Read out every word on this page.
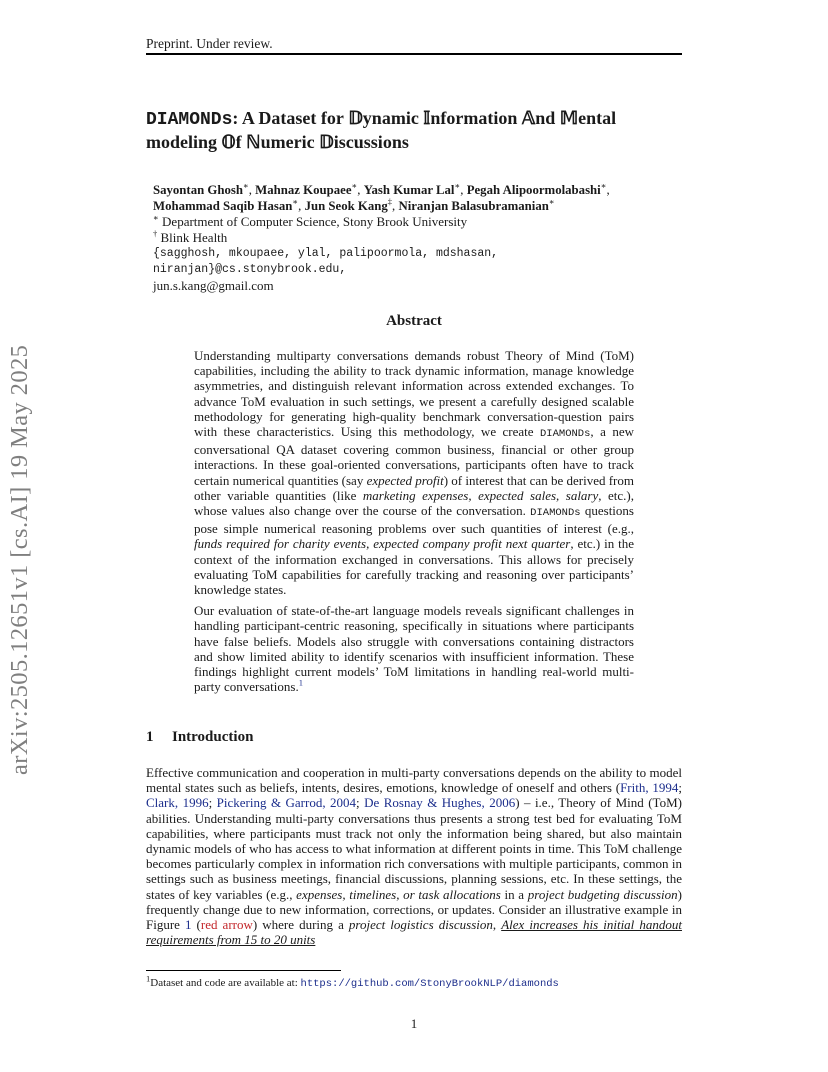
Preprint. Under review.
DIAMONDs: A Dataset for 𝔻ynamic 𝕀nformation 𝔸nd 𝕄ental
modeling 𝕆f ℕumeric 𝔻iscussions
Sayontan Ghosh∗, Mahnaz Koupaee∗, Yash Kumar Lal∗, Pegah Alipoormolabashi∗,
Mohammad Saqib Hasan∗, Jun Seok Kang‡, Niranjan Balasubramanian∗
∗ Department of Computer Science, Stony Brook University
† Blink Health
{sagghosh, mkoupaee, ylal, palipoormola, mdshasan, niranjan}@cs.stonybrook.edu,
jun.s.kang@gmail.com
arXiv:2505.12651v1 [cs.AI] 19 May 2025
Abstract

Understanding multiparty conversations demands robust Theory of Mind (ToM) capabilities, including the ability to track dynamic information, manage knowledge asymmetries, and distinguish relevant information across extended exchanges. To advance ToM evaluation in such settings, we present a carefully designed scalable methodology for generating high-quality benchmark conversation-question pairs with these characteristics. Using this methodology, we create DIAMONDs, a new conversational QA dataset covering common business, financial or other group interactions. In these goal-oriented conversations, participants often have to track certain numerical quantities (say expected profit) of interest that can be derived from other variable quantities (like marketing expenses, expected sales, salary, etc.), whose values also change over the course of the conversation. DIAMONDs questions pose simple numerical reasoning problems over such quantities of interest (e.g., funds required for charity events, expected company profit next quarter, etc.) in the context of the information exchanged in conversations. This allows for precisely evaluating ToM capabilities for carefully tracking and reasoning over participants’ knowledge states.

Our evaluation of state-of-the-art language models reveals significant challenges in handling participant-centric reasoning, specifically in situations where participants have false beliefs. Models also struggle with conversations containing distractors and show limited ability to identify scenarios with insufficient information. These findings highlight current models’ ToM limitations in handling real-world multi-party conversations.$^1$

1 Introduction
Effective communication and cooperation in multi-party conversations depends on the ability to model mental states such as beliefs, intents, desires, emotions, knowledge of oneself and others (Frith, 1994; Clark, 1996; Pickering & Garrod, 2004; De Rosnay & Hughes, 2006) – i.e., Theory of Mind (ToM) abilities. Understanding multi-party conversations thus presents a strong test bed for evaluating ToM capabilities, where participants must track not only the information being shared, but also maintain dynamic models of who has access to what information at different points in time. This ToM challenge becomes particularly complex in information rich conversations with multiple participants, common in settings such as business meetings, financial discussions, planning sessions, etc. In these settings, the states of key variables (e.g., expenses, timelines, or task allocations in a project budgeting discussion) frequently change due to new information, corrections, or updates. Consider an illustrative example in Figure 1 (red arrow) where during a project logistics discussion, Alex increases his initial handout requirements from 15 to 20 units
$^1$Dataset and code are available at: https://github.com/StonyBrookNLP/diamonds
1
